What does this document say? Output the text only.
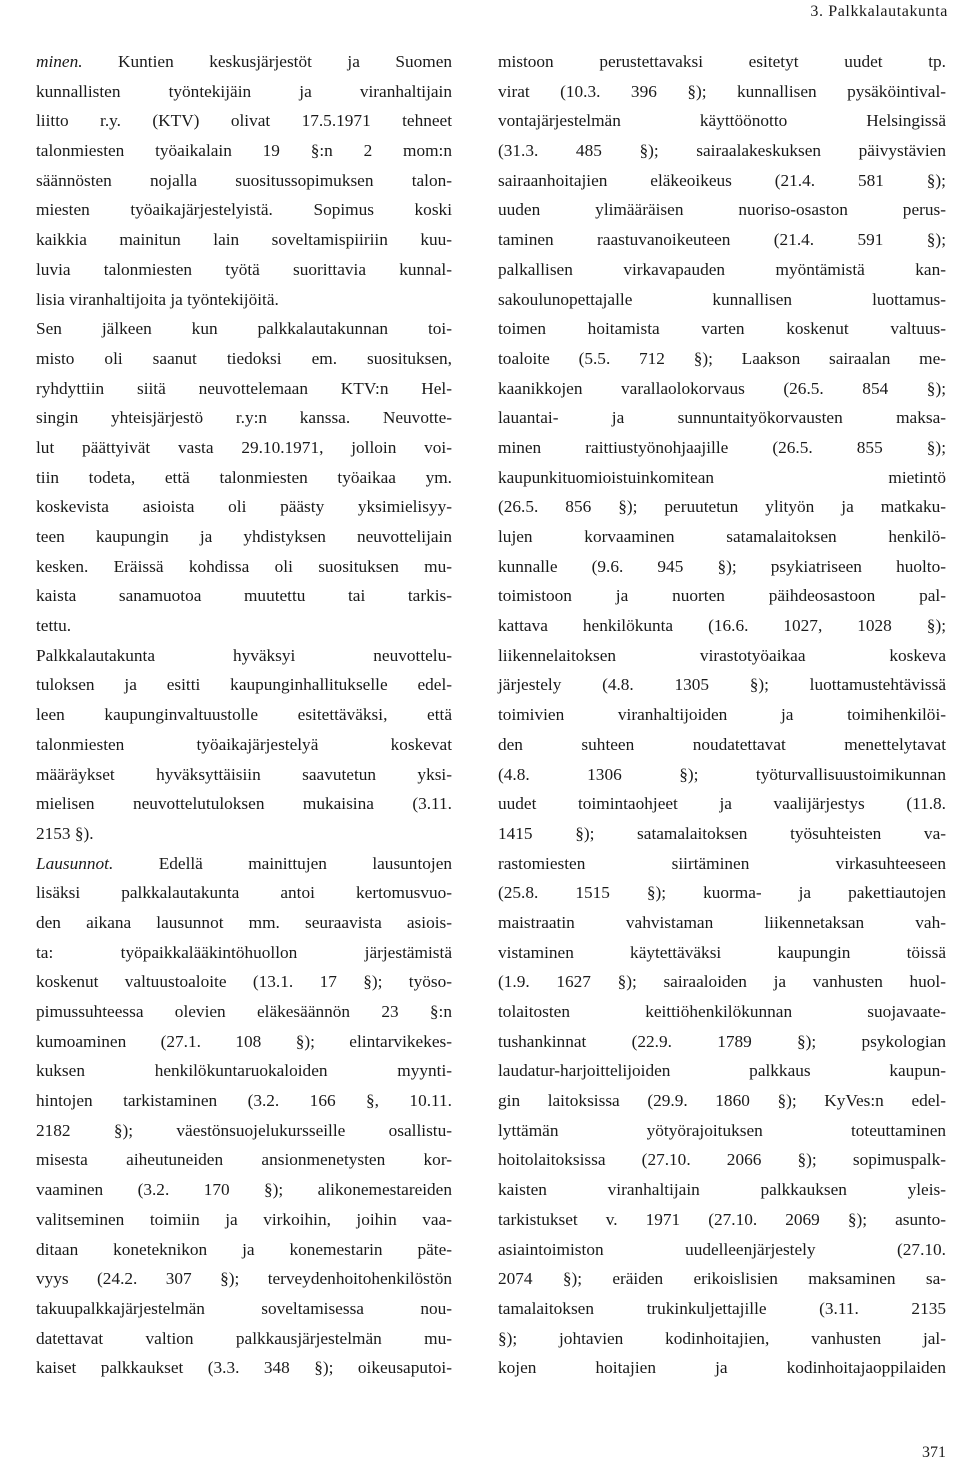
3. Palkkalautakunta
minen. Kuntien keskusjärjestöt ja Suomen
kunnallisten työntekijäin ja viranhaltijain
liitto r.y. (KTV) olivat 17.5.1971 tehneet
talonmiesten työaikalain 19 §:n 2 mom:n
säännösten nojalla suositussopimuksen talon-
miesten työaikajärjestelyistä. Sopimus koski
kaikkia mainitun lain soveltamispiiriin kuu-
luvia talonmiesten työtä suorittavia kunnal-
lisia viranhaltijoita ja työntekijöitä.
Sen jälkeen kun palkkalautakunnan toi-
misto oli saanut tiedoksi em. suosituksen,
ryhdyttiin siitä neuvottelemaan KTV:n Hel-
singin yhteisjärjestö r.y:n kanssa. Neuvotte-
lut päättyivät vasta 29.10.1971, jolloin voi-
tiin todeta, että talonmiesten työaikaa ym.
koskevista asioista oli päästy yksimielisyy-
teen kaupungin ja yhdistyksen neuvottelijain
kesken. Eräissä kohdissa oli suosituksen mu-
kaista sanamuotoa muutettu tai tarkis-
tettu.
Palkkalautakunta hyväksyi neuvottelu-
tuloksen ja esitti kaupunginhallitukselle edel-
leen kaupunginvaltuustolle esitettäväksi, että
talonmiesten työaikajärjestelyä koskevat
määräykset hyväksyttäisiin saavutetun yksi-
mielisen neuvottelutuloksen mukaisina (3.11.
2153 §).
Lausunnot. Edellä mainittujen lausuntojen
lisäksi palkkalautakunta antoi kertomusvuo-
den aikana lausunnot mm. seuraavista asiois-
ta: työpaikkalääkintöhuollon järjestämistä
koskenut valtuustoaloite (13.1. 17 §); työso-
pimussuhteessa olevien eläkesäännön 23 §:n
kumoaminen (27.1. 108 §); elintarvikekes-
kuksen henkilökuntaruokaloiden myynti-
hintojen tarkistaminen (3.2. 166 §, 10.11.
2182 §); väestönsuojelukursseille osallistu-
misesta aiheutuneiden ansionmenetysten kor-
vaaminen (3.2. 170 §); alikonemestareiden
valitseminen toimiin ja virkoihin, joihin vaa-
ditaan koneteknikon ja konemestarin päte-
vyys (24.2. 307 §); terveydenhoitohenkilöstön
takuupalkkajärjestelmän soveltamisessa nou-
datettavat valtion palkkausjärjestelmän mu-
kaiset palkkaukset (3.3. 348 §); oikeusaputoi-
mistoon perustettavaksi esitetyt uudet tp.
virat (10.3. 396 §); kunnallisen pysäköintival-
vontajärjestelmän käyttöönotto Helsingissä
(31.3. 485 §); sairaalakeskuksen päivystävien
sairaanhoitajien eläkeoikeus (21.4. 581 §);
uuden ylimääräisen nuoriso-osaston perus-
taminen raastuvanoikeuteen (21.4. 591 §);
palkallisen virkavapauden myöntämistä kan-
sakoulunopettajalle kunnallisen luottamus-
toimen hoitamista varten koskenut valtuus-
toaloite (5.5. 712 §); Laakson sairaalan me-
kaanikkojen varallaolokorvaus (26.5. 854 §);
lauantai- ja sunnuntaityökorvausten maksa-
minen raittiustyönohjaajille (26.5. 855 §);
kaupunkituomioistuinkomitean mietintö
(26.5. 856 §); peruutetun ylityön ja matkaku-
lujen korvaaminen satamalaitoksen henkilö-
kunnalle (9.6. 945 §); psykiatriseen huolto-
toimistoon ja nuorten päihdeosastoon pal-
kattava henkilökunta (16.6. 1027, 1028 §);
liikennelaitoksen virastotyöaikaa koskeva
järjestely (4.8. 1305 §); luottamustehtävissä
toimivien viranhaltijoiden ja toimihenkilöi-
den suhteen noudatettavat menettelytavat
(4.8. 1306 §); työturvallisuustoimikunnan
uudet toimintaohjeet ja vaalijärjestys (11.8.
1415 §); satamalaitoksen työsuhteisten va-
rastomiesten siirtäminen virkasuhteeseen
(25.8. 1515 §); kuorma- ja pakettiautojen
maistraatin vahvistaman liikennetaksan vah-
vistaminen käytettäväksi kaupungin töissä
(1.9. 1627 §); sairaaloiden ja vanhusten huol-
tolaitosten keittiöhenkilökunnan suojavaate-
tushankinnat (22.9. 1789 §); psykologian
laudatur-harjoittelijoiden palkkaus kaupun-
gin laitoksissa (29.9. 1860 §); KyVes:n edel-
lyttämän yötyörajoituksen toteuttaminen
hoitolaitoksissa (27.10. 2066 §); sopimuspalk-
kaisten viranhaltijain palkkauksen yleis-
tarkistukset v. 1971 (27.10. 2069 §); asunto-
asiaintoimiston uudelleenjärjestely (27.10.
2074 §); eräiden erikoislisien maksaminen sa-
tamalaitoksen trukinkuljettajille (3.11. 2135
§); johtavien kodinhoitajien, vanhusten jal-
kojen hoitajien ja kodinhoitajaoppilaiden
371
